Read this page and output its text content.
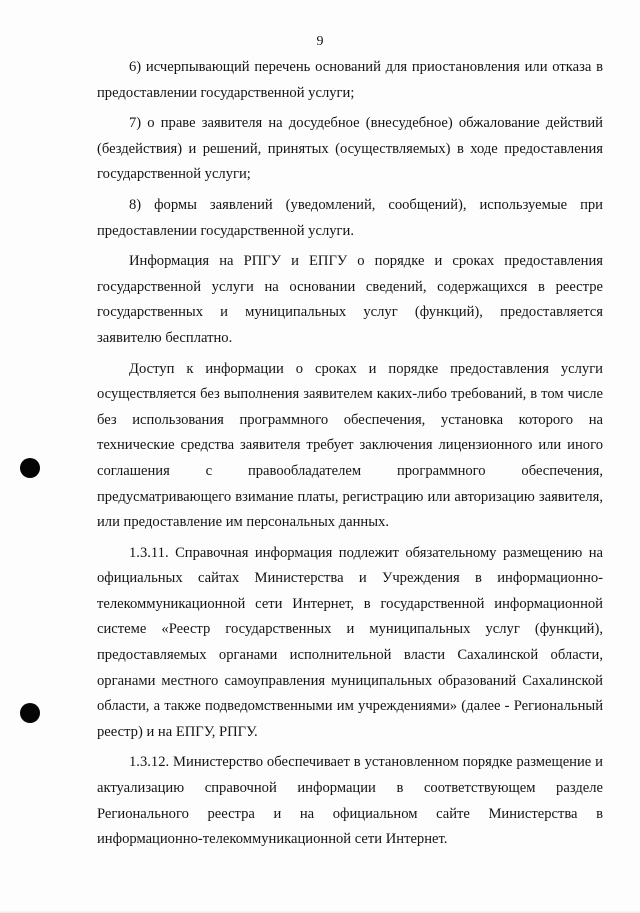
9

6) исчерпывающий перечень оснований для приостановления или отказа в предоставлении государственной услуги;

7) о праве заявителя на досудебное (внесудебное) обжалование действий (бездействия) и решений, принятых (осуществляемых) в ходе предоставления государственной услуги;

8) формы заявлений (уведомлений, сообщений), используемые при предоставлении государственной услуги.

Информация на РПГУ и ЕПГУ о порядке и сроках предоставления государственной услуги на основании сведений, содержащихся в реестре государственных и муниципальных услуг (функций), предоставляется заявителю бесплатно.

Доступ к информации о сроках и порядке предоставления услуги осуществляется без выполнения заявителем каких-либо требований, в том числе без использования программного обеспечения, установка которого на технические средства заявителя требует заключения лицензионного или иного соглашения с правообладателем программного обеспечения, предусматривающего взимание платы, регистрацию или авторизацию заявителя, или предоставление им персональных данных.

1.3.11. Справочная информация подлежит обязательному размещению на официальных сайтах Министерства и Учреждения в информационно-телекоммуникационной сети Интернет, в государственной информационной системе «Реестр государственных и муниципальных услуг (функций), предоставляемых органами исполнительной власти Сахалинской области, органами местного самоуправления муниципальных образований Сахалинской области, а также подведомственными им учреждениями» (далее - Региональный реестр) и на ЕПГУ, РПГУ.

1.3.12. Министерство обеспечивает в установленном порядке размещение и актуализацию справочной информации в соответствующем разделе Регионального реестра и на официальном сайте Министерства в информационно-телекоммуникационной сети Интернет.
